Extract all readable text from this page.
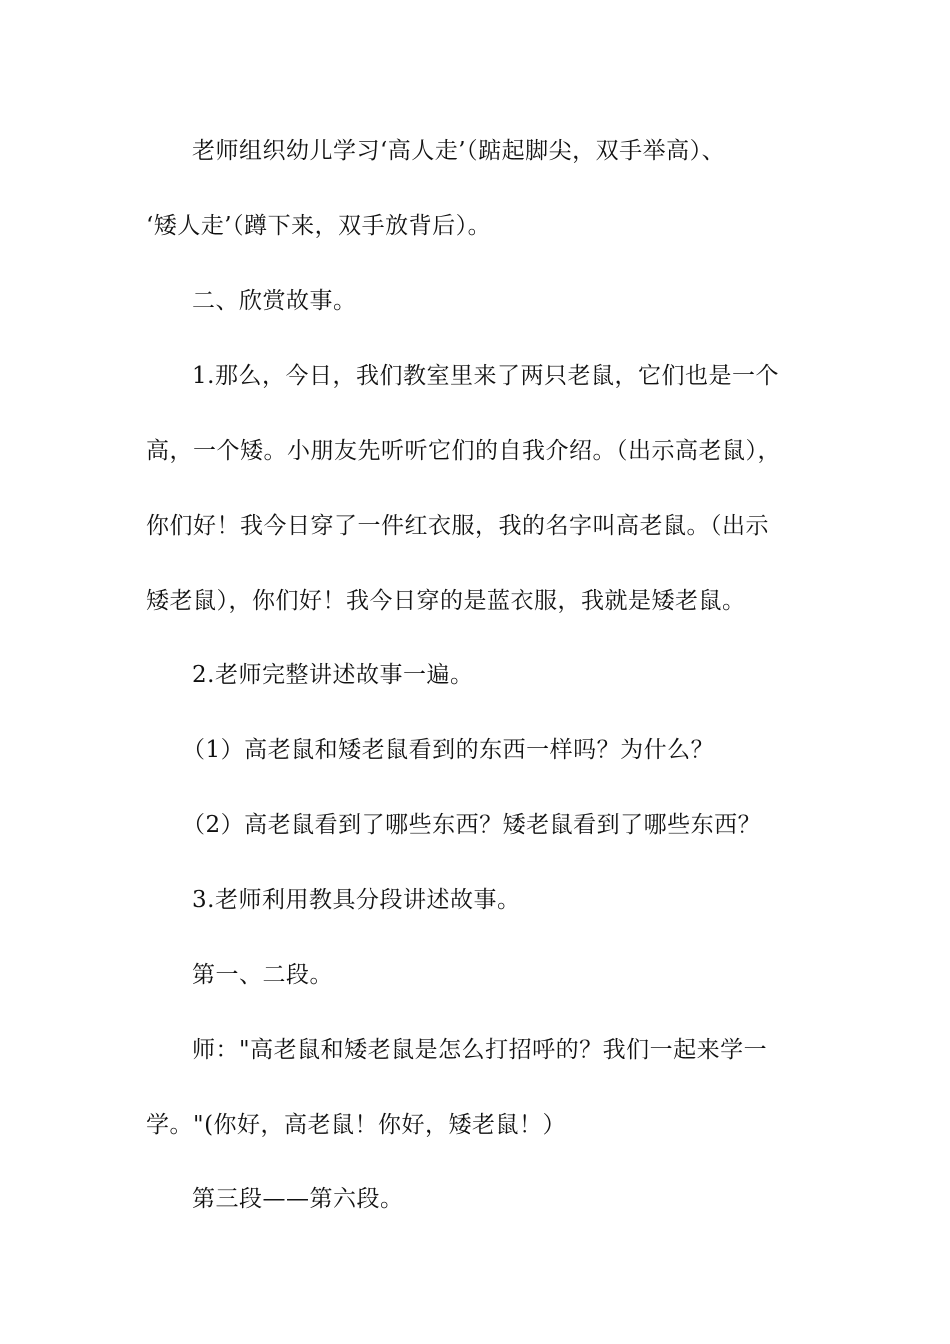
老师组织幼儿学习‘高人走’（踮起脚尖，双手举高）、
‘矮人走’（蹲下来，双手放背后）。
二、欣赏故事。
1.那么，今日，我们教室里来了两只老鼠，它们也是一个
高，一个矮。小朋友先听听它们的自我介绍。（出示高老鼠），
你们好！我今日穿了一件红衣服，我的名字叫高老鼠。（出示
矮老鼠），你们好！我今日穿的是蓝衣服，我就是矮老鼠。
2.老师完整讲述故事一遍。
（1）高老鼠和矮老鼠看到的东西一样吗？为什么？
（2）高老鼠看到了哪些东西？矮老鼠看到了哪些东西？
3.老师利用教具分段讲述故事。
第一、二段。
师："高老鼠和矮老鼠是怎么打招呼的？我们一起来学一
学。"(你好，高老鼠！你好，矮老鼠！）
第三段——第六段。
